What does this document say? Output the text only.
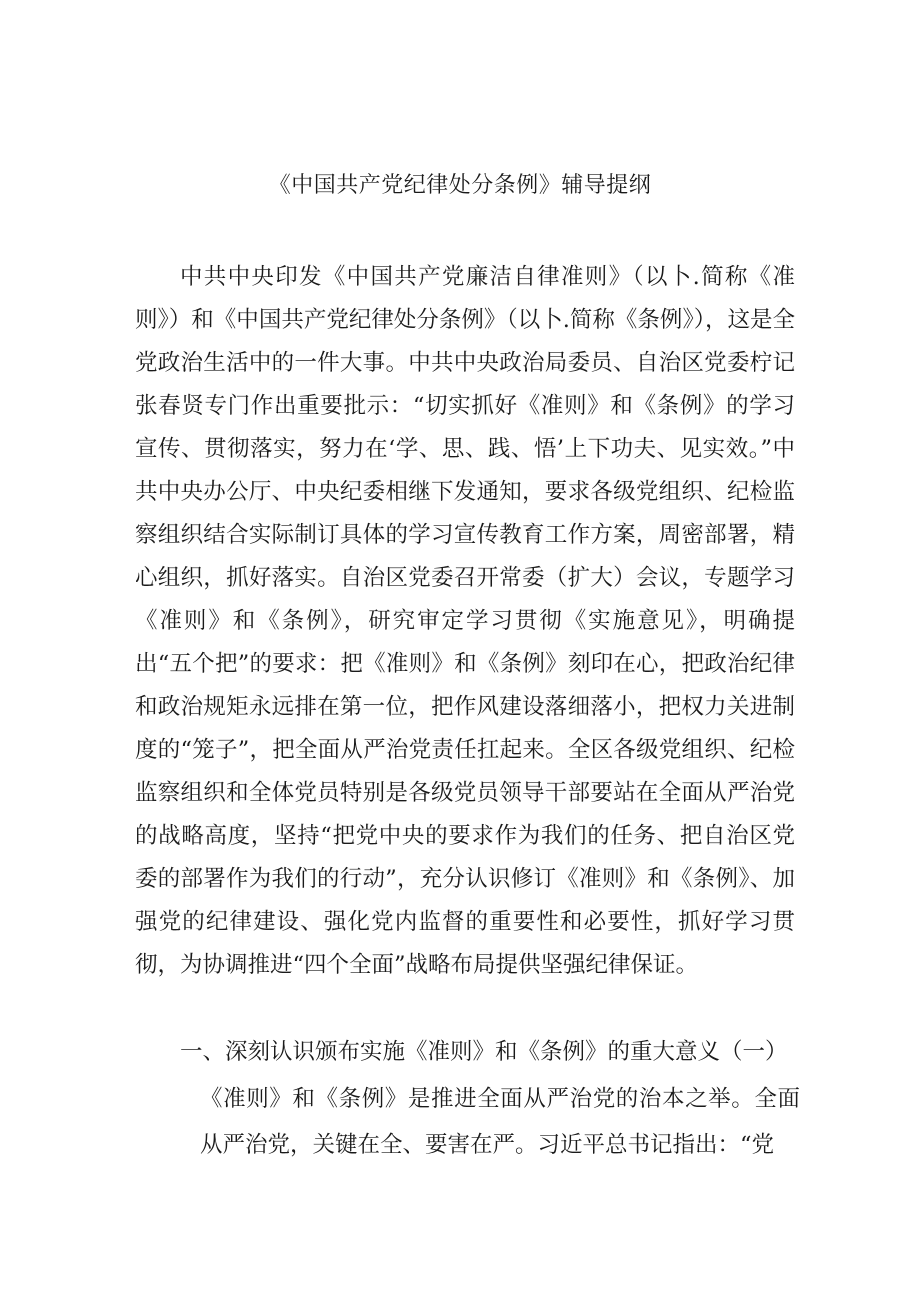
《中国共产党纪律处分条例》辅导提纲

中共中央印发《中国共产党廉洁自律准则》（以卜.简称《准则》）和《中国共产党纪律处分条例》（以卜.简称《条例》），这是全党政治生活中的一件大事。中共中央政治局委员、自治区党委柠记张春贤专门作出重要批示：“切实抓好《准则》和《条例》的学习宣传、贯彻落实，努力在‘学、思、践、悟’上下功夫、见实效。”中共中央办公厅、中央纪委相继下发通知，要求各级党组织、纪检监察组织结合实际制订具体的学习宣传教育工作方案，周密部署，精心组织，抓好落实。自治区党委召开常委（扩大）会议，专题学习《准则》和《条例》，研究审定学习贯彻《实施意见》，明确提出“五个把”的要求：把《准则》和《条例》刻印在心，把政治纪律和政治规矩永远排在第一位，把作风建设落细落小，把权力关进制度的“笼子”，把全面从严治党责任扛起来。全区各级党组织、纪检监察组织和全体党员特别是各级党员领导干部要站在全面从严治党的战略高度，坚持“把党中央的要求作为我们的任务、把自治区党委的部署作为我们的行动”，充分认识修订《准则》和《条例》、加强党的纪律建设、强化党内监督的重要性和必要性，抓好学习贯彻，为协调推进“四个全面”战略布局提供坚强纪律保证。

一、深刻认识颁布实施《准则》和《条例》的重大意义（一）

《准则》和《条例》是推进全面从严治党的治本之举。全面从严治党，关键在全、要害在严。习近平总书记指出：“党
